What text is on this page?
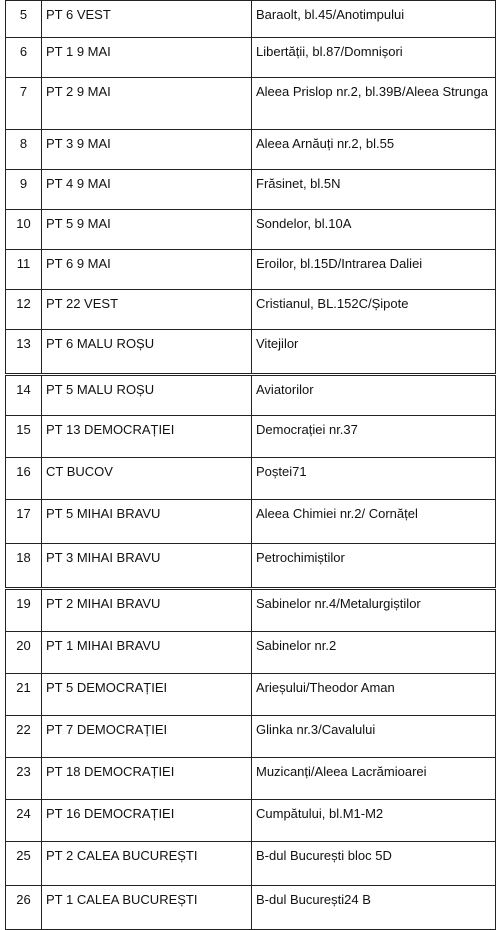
5	PT 6 VEST	Baraolt, bl.45/Anotimpului
6	PT 1 9 MAI	Libertății, bl.87/Domnișori
7	PT 2 9 MAI	Aleea Prislop nr.2, bl.39B/Aleea Strunga
8	PT 3 9 MAI	Aleea Arnăuți nr.2, bl.55
9	PT 4 9 MAI	Frăsinet, bl.5N
10	PT 5 9 MAI	Sondelor, bl.10A
11	PT 6 9 MAI	Eroilor, bl.15D/Intrarea Daliei
12	PT 22 VEST	Cristianul, BL.152C/Șipote
13	PT 6 MALU ROȘU	Vitejilor
14	PT 5 MALU ROȘU	Aviatorilor
15	PT 13 DEMOCRAȚIEI	Democrației nr.37
16	CT BUCOV	Poștei71
17	PT 5 MIHAI BRAVU	Aleea Chimiei nr.2/ Cornățel
18	PT 3 MIHAI BRAVU	Petrochimiștilor
19	PT 2 MIHAI BRAVU	Sabinelor nr.4/Metalurgiștilor
20	PT 1 MIHAI BRAVU	Sabinelor nr.2
21	PT 5 DEMOCRAȚIEI	Arieșului/Theodor Aman
22	PT 7 DEMOCRAȚIEI	Glinka nr.3/Cavalului
23	PT 18 DEMOCRAȚIEI	Muzicanți/Aleea Lacrămioarei
24	PT 16 DEMOCRAȚIEI	Cumpătului, bl.M1-M2
25	PT 2 CALEA BUCUREȘTI	B-dul București bloc 5D
26	PT 1 CALEA BUCUREȘTI	B-dul București24 B
